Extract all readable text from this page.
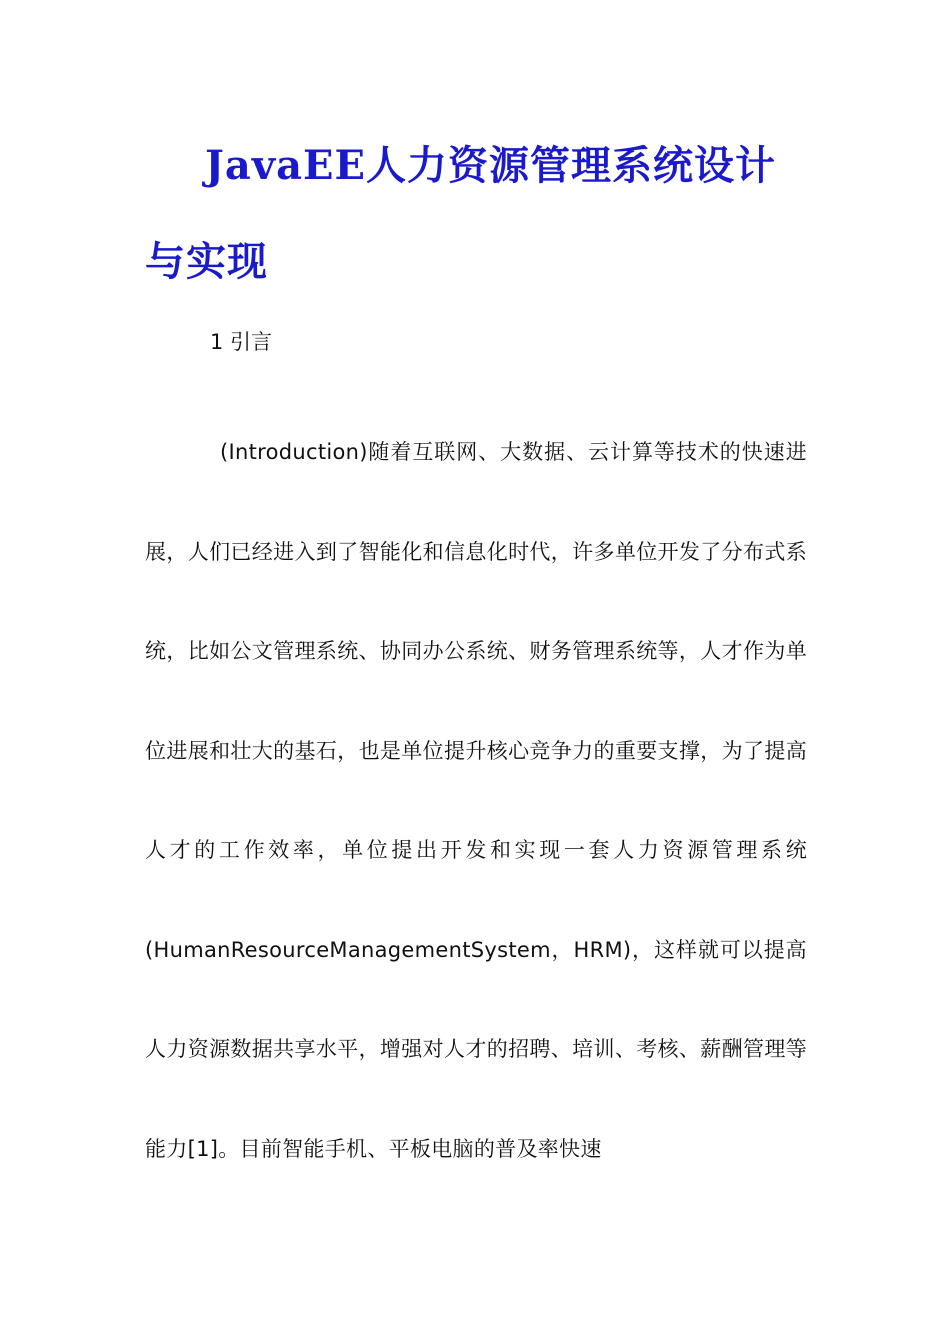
JavaEE人力资源管理系统设计与实现
1 引言

(Introduction)随着互联网、大数据、云计算等技术的快速进展，人们已经进入到了智能化和信息化时代，许多单位开发了分布式系统，比如公文管理系统、协同办公系统、财务管理系统等，人才作为单位进展和壮大的基石，也是单位提升核心竞争力的重要支撑，为了提高人才的工作效率，单位提出开发和实现一套人力资源管理系统(HumanResourceManagementSystem，HRM)，这样就可以提高人力资源数据共享水平，增强对人才的招聘、培训、考核、薪酬管理等能力[1]。目前智能手机、平板电脑的普及率快速
